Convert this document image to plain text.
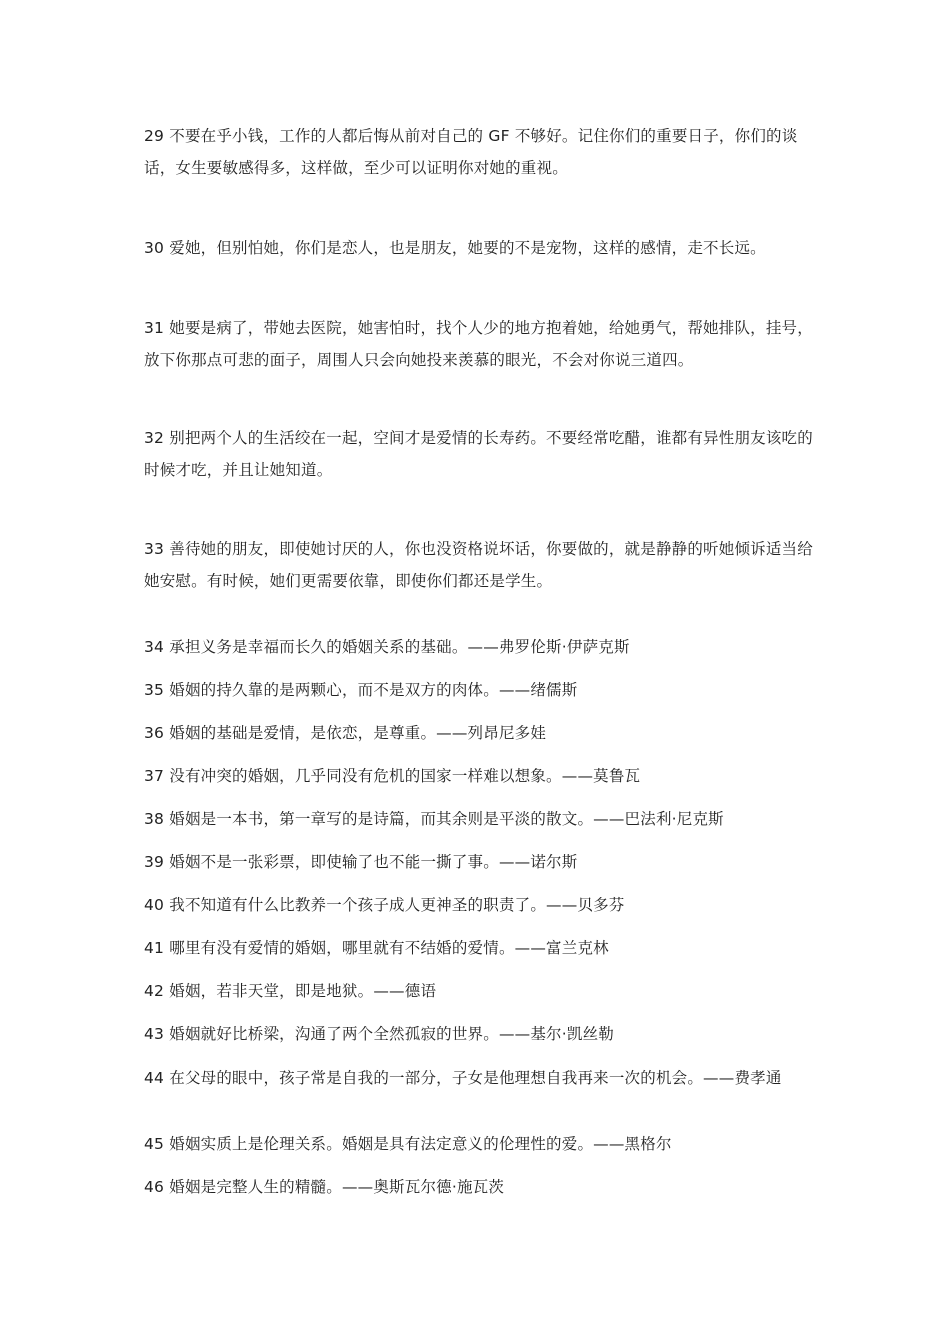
29 不要在乎小钱，工作的人都后悔从前对自己的 GF 不够好。记住你们的重要日子，你们的谈话，女生要敏感得多，这样做，至少可以证明你对她的重视。

30 爱她，但别怕她，你们是恋人，也是朋友，她要的不是宠物，这样的感情，走不长远。

31 她要是病了，带她去医院，她害怕时，找个人少的地方抱着她，给她勇气，帮她排队，挂号，放下你那点可悲的面子，周围人只会向她投来羡慕的眼光，不会对你说三道四。

32 别把两个人的生活绞在一起，空间才是爱情的长寿药。不要经常吃醋，谁都有异性朋友该吃的时候才吃，并且让她知道。

33 善待她的朋友，即使她讨厌的人，你也没资格说坏话，你要做的，就是静静的听她倾诉适当给她安慰。有时候，她们更需要依靠，即使你们都还是学生。

34 承担义务是幸福而长久的婚姻关系的基础。——弗罗伦斯·伊萨克斯

35 婚姻的持久靠的是两颗心，而不是双方的肉体。——绪儒斯

36 婚姻的基础是爱情，是依恋，是尊重。——列昂尼多娃

37 没有冲突的婚姻，几乎同没有危机的国家一样难以想象。——莫鲁瓦

38 婚姻是一本书，第一章写的是诗篇，而其余则是平淡的散文。——巴法利·尼克斯

39 婚姻不是一张彩票，即使输了也不能一撕了事。——诺尔斯

40 我不知道有什么比教养一个孩子成人更神圣的职责了。——贝多芬

41 哪里有没有爱情的婚姻，哪里就有不结婚的爱情。——富兰克林

42 婚姻，若非天堂，即是地狱。——德语

43 婚姻就好比桥梁，沟通了两个全然孤寂的世界。——基尔·凯丝勒

44 在父母的眼中，孩子常是自我的一部分，子女是他理想自我再来一次的机会。——费孝通

45 婚姻实质上是伦理关系。婚姻是具有法定意义的伦理性的爱。——黑格尔

46 婚姻是完整人生的精髓。——奥斯瓦尔德·施瓦茨
